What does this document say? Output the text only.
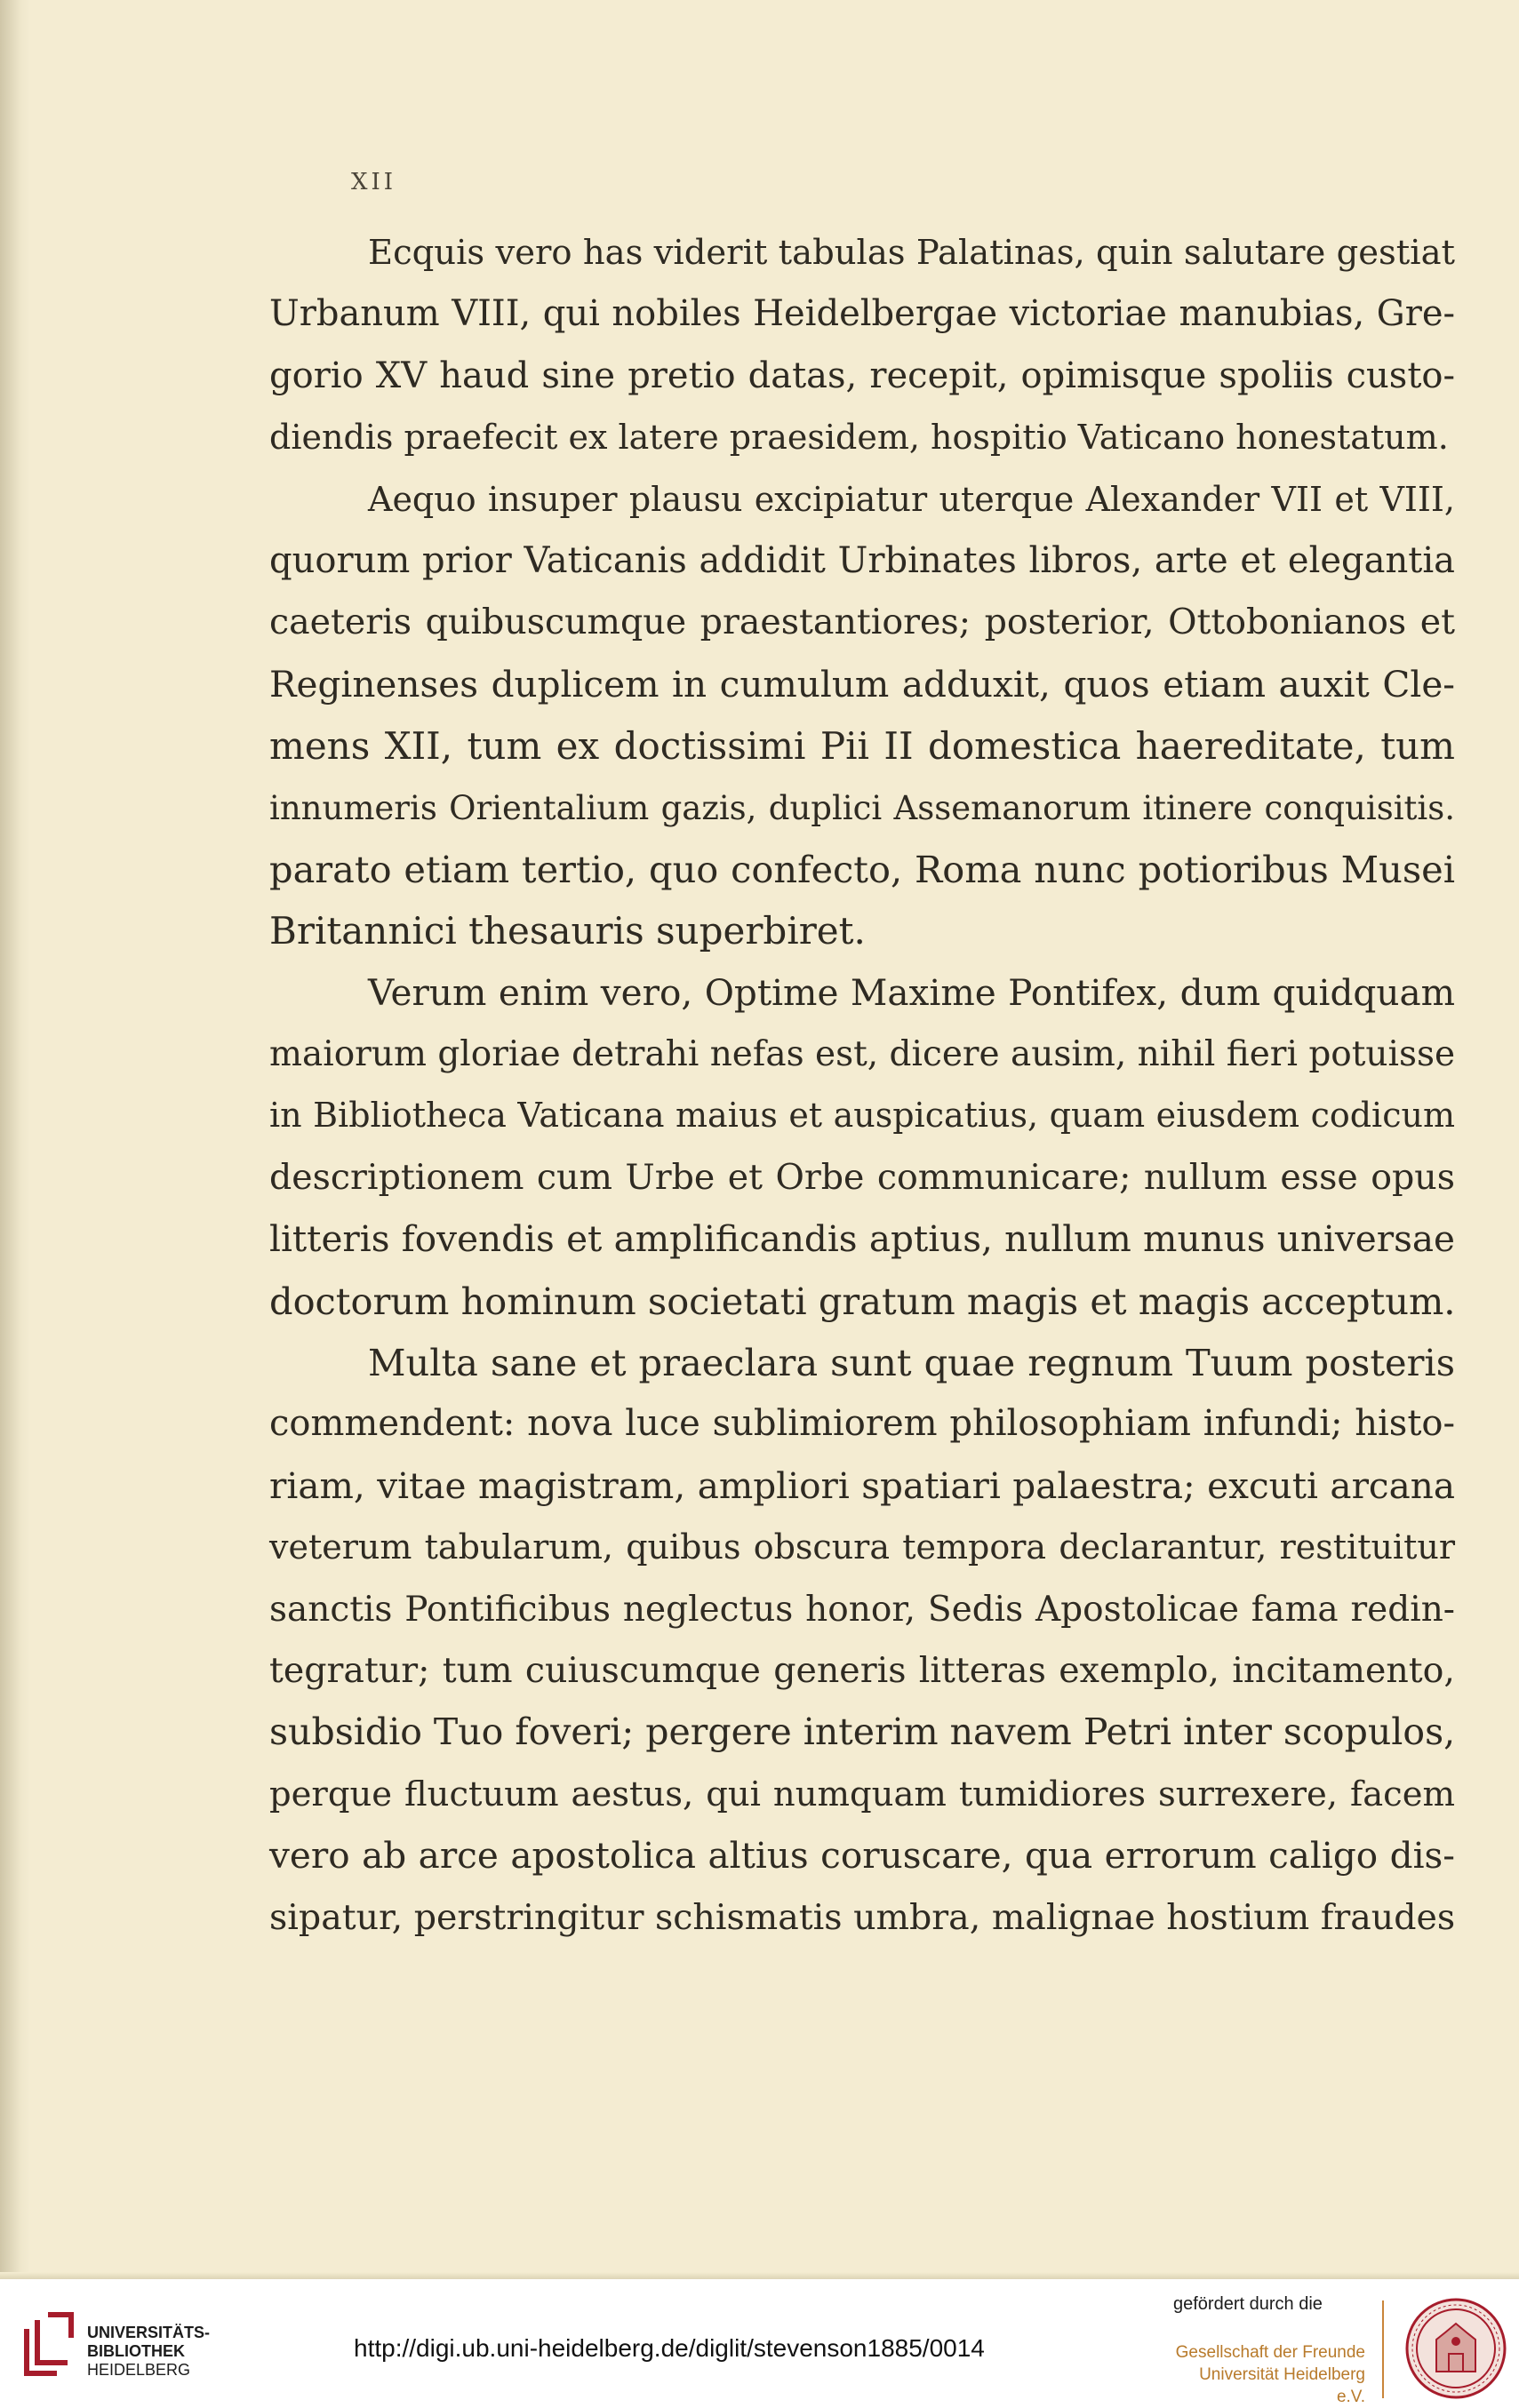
XII
Ecquis vero has viderit tabulas Palatinas, quin salutare gestiat
Urbanum VIII, qui nobiles Heidelbergae victoriae manubias, Gre-
gorio XV haud sine pretio datas, recepit, opimisque spoliis custo-
diendis praefecit ex latere praesidem, hospitio Vaticano honestatum.
Aequo insuper plausu excipiatur uterque Alexander VII et VIII,
quorum prior Vaticanis addidit Urbinates libros, arte et elegantia
caeteris quibuscumque praestantiores; posterior, Ottobonianos et
Reginenses duplicem in cumulum adduxit, quos etiam auxit Cle-
mens XII, tum ex doctissimi Pii II domestica haereditate, tum
innumeris Orientalium gazis, duplici Assemanorum itinere conquisitis.
parato etiam tertio, quo confecto, Roma nunc potioribus Musei
Britannici thesauris superbiret.
Verum enim vero, Optime Maxime Pontifex, dum quidquam
maiorum gloriae detrahi nefas est, dicere ausim, nihil fieri potuisse
in Bibliotheca Vaticana maius et auspicatius, quam eiusdem codicum
descriptionem cum Urbe et Orbe communicare; nullum esse opus
litteris fovendis et amplificandis aptius, nullum munus universae
doctorum hominum societati gratum magis et magis acceptum.
Multa sane et praeclara sunt quae regnum Tuum posteris
commendent: nova luce sublimiorem philosophiam infundi; histo-
riam, vitae magistram, ampliori spatiari palaestra; excuti arcana
veterum tabularum, quibus obscura tempora declarantur, restituitur
sanctis Pontificibus neglectus honor, Sedis Apostolicae fama redin-
tegratur; tum cuiuscumque generis litteras exemplo, incitamento,
subsidio Tuo foveri; pergere interim navem Petri inter scopulos,
perque fluctuum aestus, qui numquam tumidiores surrexere, facem
vero ab arce apostolica altius coruscare, qua errorum caligo dis-
sipatur, perstringitur schismatis umbra, malignae hostium fraudes
UNIVERSITÄTS-
BIBLIOTHEK
HEIDELBERG
http://digi.ub.uni-heidelberg.de/diglit/stevenson1885/0014
gefördert durch die
Gesellschaft der Freunde
Universität Heidelberg e.V.
